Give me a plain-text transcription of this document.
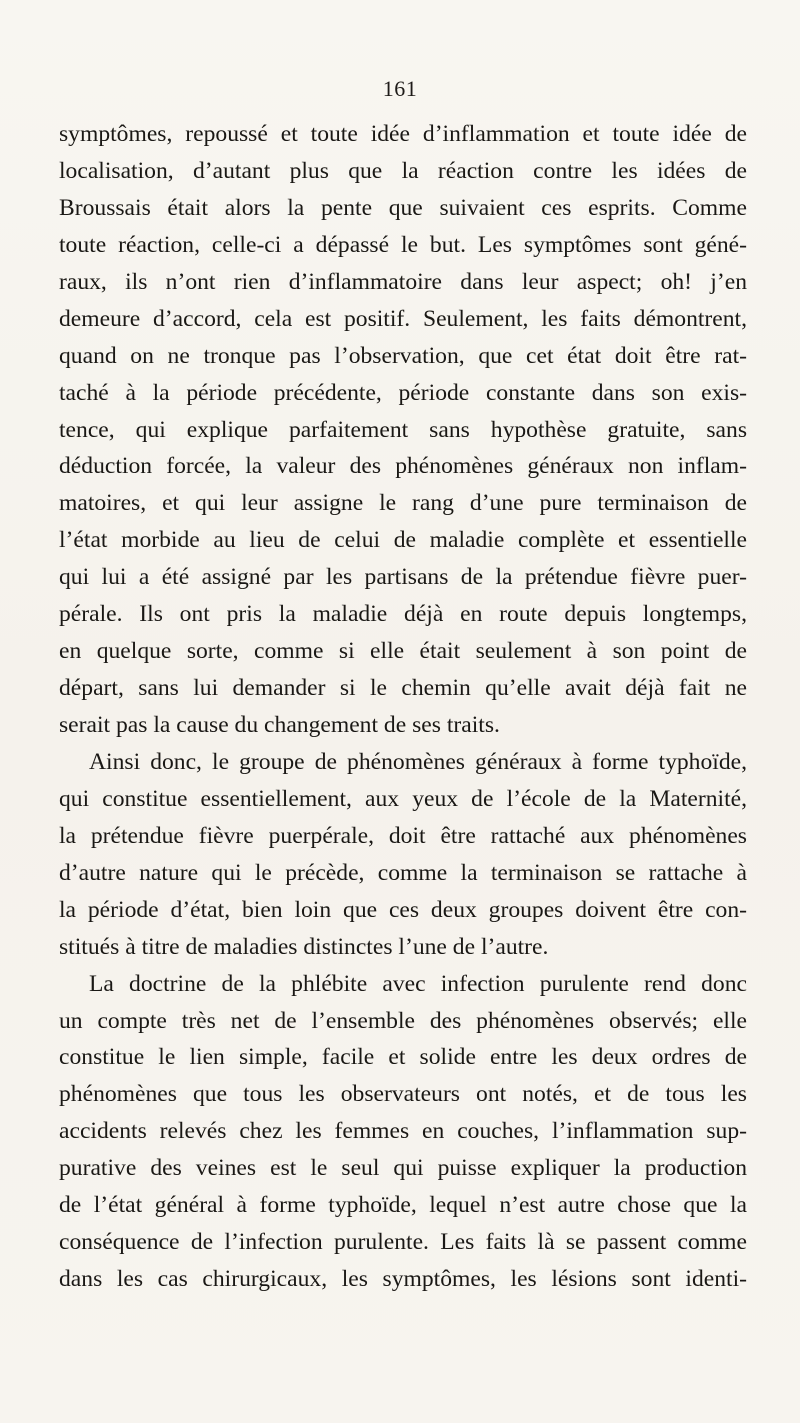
161
symptômes, repoussé et toute idée d’inflammation et toute idée de
localisation, d’autant plus que la réaction contre les idées de
Broussais était alors la pente que suivaient ces esprits. Comme
toute réaction, celle-ci a dépassé le but. Les symptômes sont géné-
raux, ils n’ont rien d’inflammatoire dans leur aspect; oh! j’en
demeure d’accord, cela est positif. Seulement, les faits démontrent,
quand on ne tronque pas l’observation, que cet état doit être rat-
taché à la période précédente, période constante dans son exis-
tence, qui explique parfaitement sans hypothèse gratuite, sans
déduction forcée, la valeur des phénomènes généraux non inflam-
matoires, et qui leur assigne le rang d’une pure terminaison de
l’état morbide au lieu de celui de maladie complète et essentielle
qui lui a été assigné par les partisans de la prétendue fièvre puer-
pérale. Ils ont pris la maladie déjà en route depuis longtemps,
en quelque sorte, comme si elle était seulement à son point de
départ, sans lui demander si le chemin qu’elle avait déjà fait ne
serait pas la cause du changement de ses traits.
Ainsi donc, le groupe de phénomènes généraux à forme typhoïde,
qui constitue essentiellement, aux yeux de l’école de la Maternité,
la prétendue fièvre puerpérale, doit être rattaché aux phénomènes
d’autre nature qui le précède, comme la terminaison se rattache à
la période d’état, bien loin que ces deux groupes doivent être con-
stitués à titre de maladies distinctes l’une de l’autre.
La doctrine de la phlébite avec infection purulente rend donc
un compte très net de l’ensemble des phénomènes observés; elle
constitue le lien simple, facile et solide entre les deux ordres de
phénomènes que tous les observateurs ont notés, et de tous les
accidents relevés chez les femmes en couches, l’inflammation sup-
purative des veines est le seul qui puisse expliquer la production
de l’état général à forme typhoïde, lequel n’est autre chose que la
conséquence de l’infection purulente. Les faits là se passent comme
dans les cas chirurgicaux, les symptômes, les lésions sont identi-
